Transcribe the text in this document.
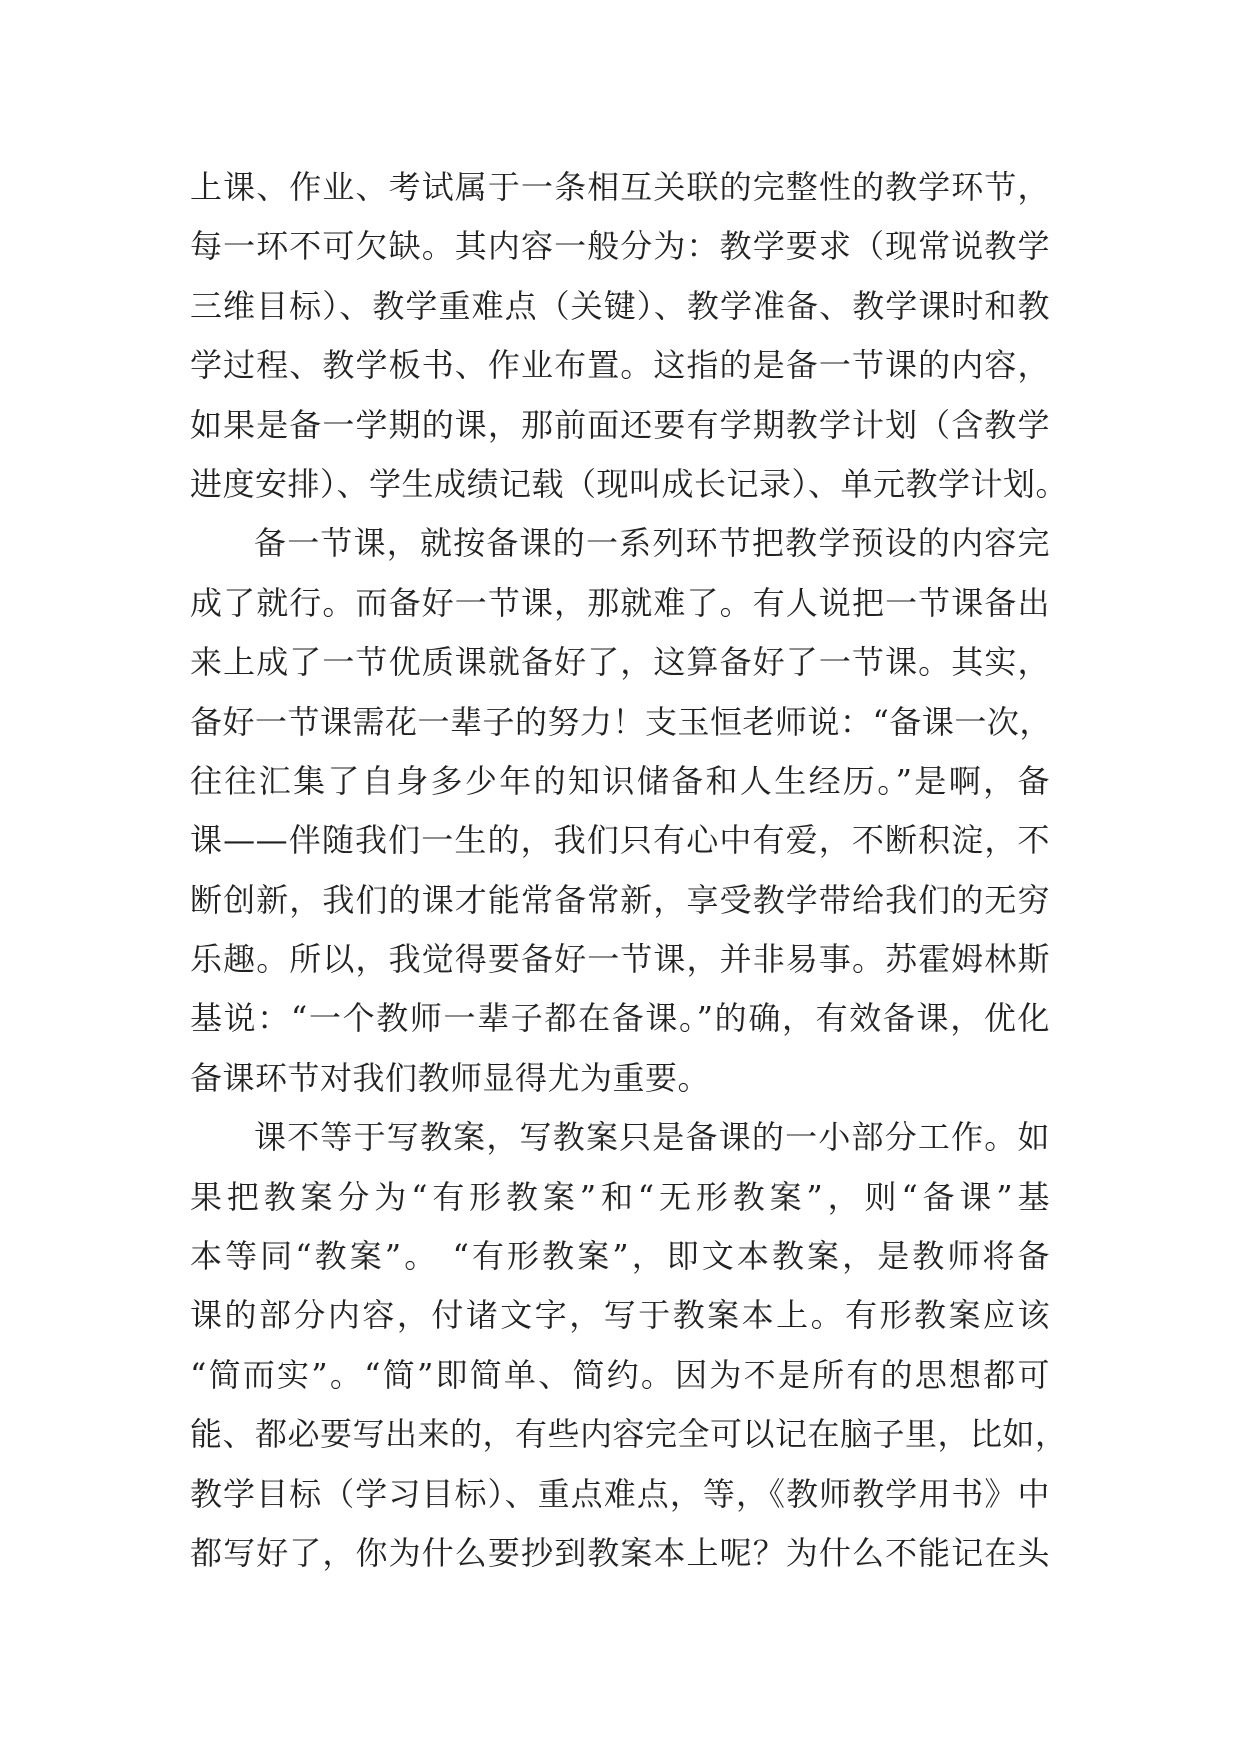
上课、作业、考试属于一条相互关联的完整性的教学环节，
每一环不可欠缺。其内容一般分为：教学要求（现常说教学
三维目标）、教学重难点（关键）、教学准备、教学课时和教
学过程、教学板书、作业布置。这指的是备一节课的内容，
如果是备一学期的课，那前面还要有学期教学计划（含教学
进度安排）、学生成绩记载（现叫成长记录）、单元教学计划。
备一节课，就按备课的一系列环节把教学预设的内容完
成了就行。而备好一节课，那就难了。有人说把一节课备出
来上成了一节优质课就备好了，这算备好了一节课。其实，
备好一节课需花一辈子的努力！支玉恒老师说：“备课一次，
往往汇集了自身多少年的知识储备和人生经历。”是啊，备
课——伴随我们一生的，我们只有心中有爱，不断积淀，不
断创新，我们的课才能常备常新，享受教学带给我们的无穷
乐趣。所以，我觉得要备好一节课，并非易事。苏霍姆林斯
基说：“一个教师一辈子都在备课。”的确，有效备课，优化
备课环节对我们教师显得尤为重要。
课不等于写教案，写教案只是备课的一小部分工作。如
果把教案分为“有形教案”和“无形教案”，则“备课”基
本等同“教案”。 “有形教案”，即文本教案，是教师将备
课的部分内容，付诸文字，写于教案本上。有形教案应该
“简而实”。“简”即简单、简约。因为不是所有的思想都可
能、都必要写出来的，有些内容完全可以记在脑子里，比如，
教学目标（学习目标）、重点难点，等，《教师教学用书》中
都写好了，你为什么要抄到教案本上呢？为什么不能记在头
